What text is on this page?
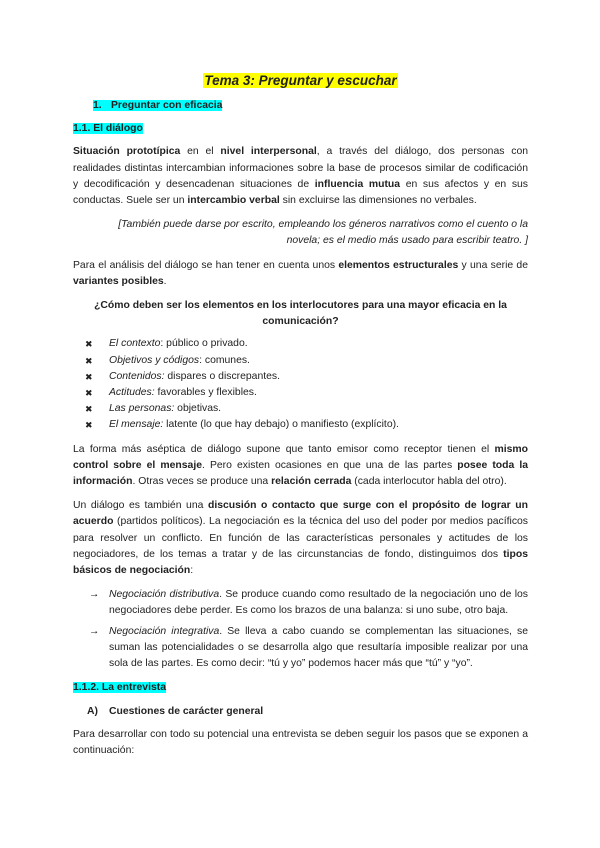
Tema 3: Preguntar y escuchar
1. Preguntar con eficacia
1.1. El diálogo

Situación prototípica en el nivel interpersonal, a través del diálogo, dos personas con realidades distintas intercambian informaciones sobre la base de procesos similar de codificación y decodificación y desencadenan situaciones de influencia mutua en sus afectos y en sus conductas. Suele ser un intercambio verbal sin excluirse las dimensiones no verbales.

[También puede darse por escrito, empleando los géneros narrativos como el cuento o la novela; es el medio más usado para escribir teatro. ]

Para el análisis del diálogo se han tener en cuenta unos elementos estructurales y una serie de variantes posibles.

¿Cómo deben ser los elementos en los interlocutores para una mayor eficacia en la comunicación?
✖ El contexto: público o privado.
✖ Objetivos y códigos: comunes.
✖ Contenidos: dispares o discrepantes.
✖ Actitudes: favorables y flexibles.
✖ Las personas: objetivas.
✖ El mensaje: latente (lo que hay debajo) o manifiesto (explícito).

La forma más aséptica de diálogo supone que tanto emisor como receptor tienen el mismo control sobre el mensaje. Pero existen ocasiones en que una de las partes posee toda la información. Otras veces se produce una relación cerrada (cada interlocutor habla del otro).

Un diálogo es también una discusión o contacto que surge con el propósito de lograr un acuerdo (partidos políticos). La negociación es la técnica del uso del poder por medios pacíficos para resolver un conflicto. En función de las características personales y actitudes de los negociadores, de los temas a tratar y de las circunstancias de fondo, distinguimos dos tipos básicos de negociación:

→ Negociación distributiva. Se produce cuando como resultado de la negociación uno de los negociadores debe perder. Es como los brazos de una balanza: si uno sube, otro baja.
→ Negociación integrativa. Se lleva a cabo cuando se complementan las situaciones, se suman las potencialidades o se desarrolla algo que resultaría imposible realizar por una sola de las partes. Es como decir: “tú y yo” podemos hacer más que “tú” y “yo”.
1.1.2. La entrevista
A) Cuestiones de carácter general

Para desarrollar con todo su potencial una entrevista se deben seguir los pasos que se exponen a continuación:
